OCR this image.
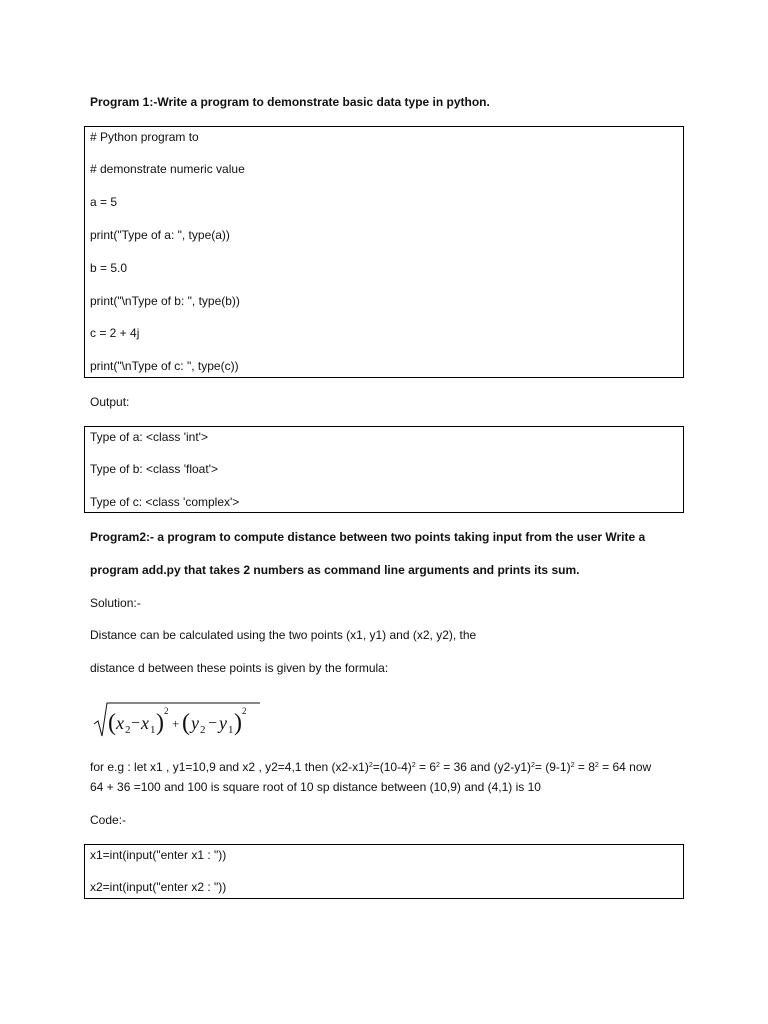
Program 1:-Write a program to demonstrate basic data type in python.
# Python program to
# demonstrate numeric value
a = 5
print("Type of a: ", type(a))
b = 5.0
print("\nType of b: ", type(b))
c = 2 + 4j
print("\nType of c: ", type(c))
Output:
Type of a: <class 'int'>
Type of b: <class 'float'>
Type of c: <class 'complex'>
Program2:- a program to compute distance between two points taking input from the user Write a
program add.py that takes 2 numbers as command line arguments and prints its sum.
Solution:-
Distance can be calculated using the two points (x1, y1) and (x2, y2), the
distance d between these points is given by the formula:
( x 2 − x 1 ) 2
+ ( y 2 − y 1 ) 2
for e.g : let x1 , y1=10,9 and x2 , y2=4,1 then $(x2-x1)^2=(10-4)^2 = 6^2 = 36$ and $(y2-y1)^2= (9-1)^2 = 8^2 = 64$ now
64 + 36 =100 and 100 is square root of 10 sp distance between (10,9) and (4,1) is 10
Code:-
x1=int(input("enter x1 : "))
x2=int(input("enter x2 : "))
